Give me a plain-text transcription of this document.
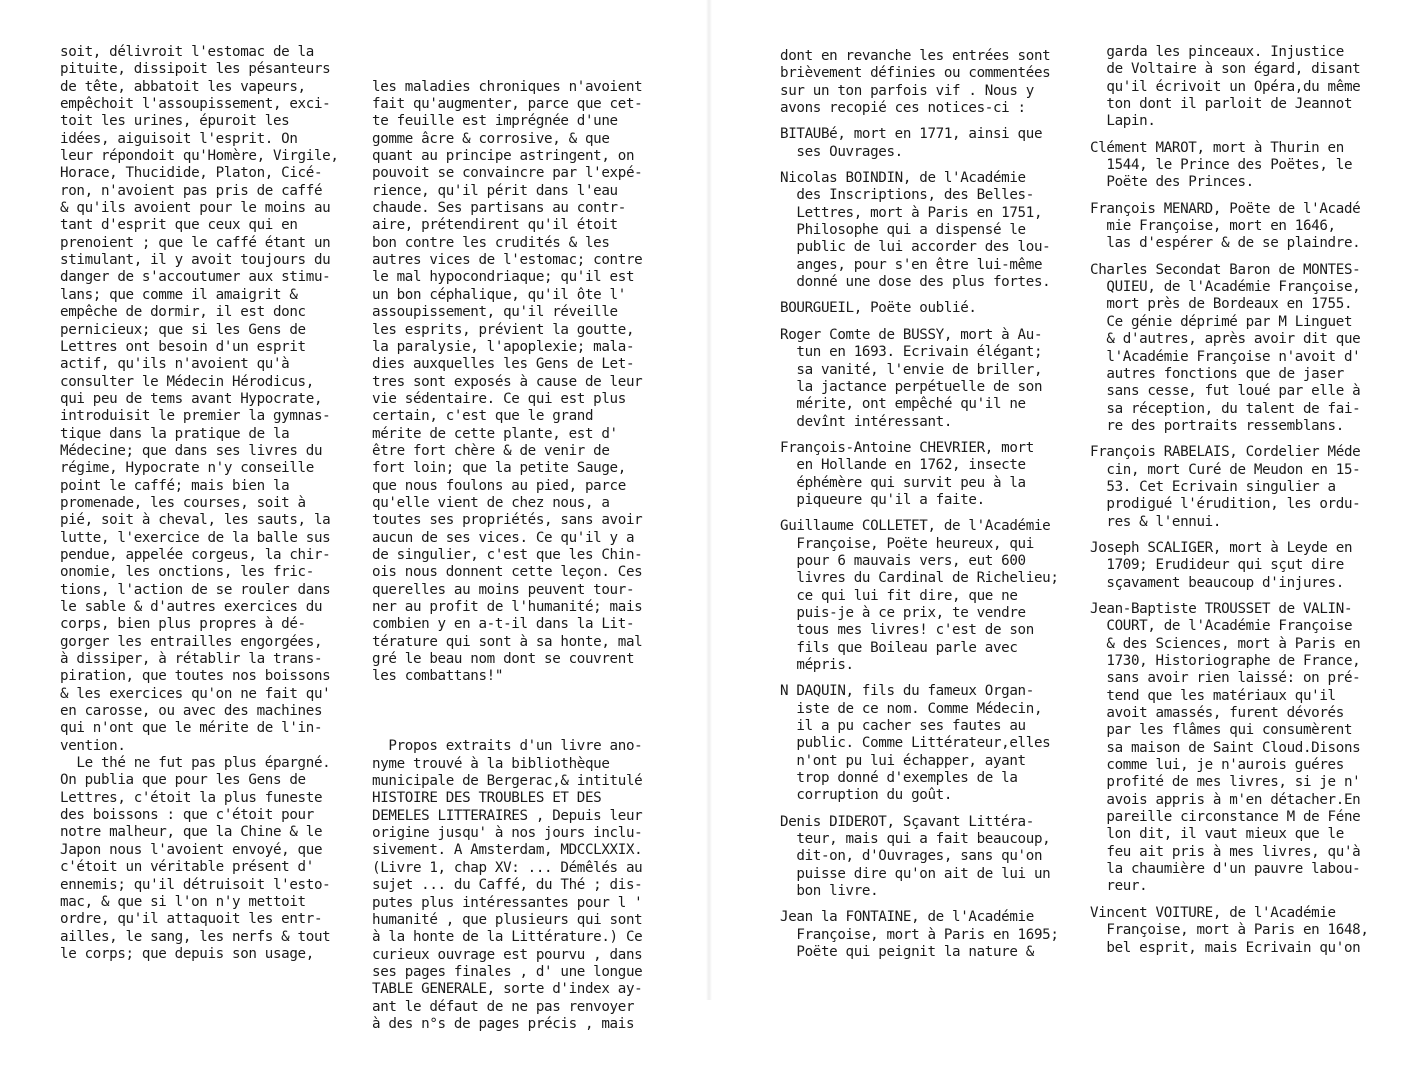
soit, délivroit l'estomac de la
pituite, dissipoit les pésanteurs
de tête, abbatoit les vapeurs,
empêchoit l'assoupissement, exci-
toit les urines, épuroit les
idées, aiguisoit l'esprit. On
leur répondoit qu'Homère, Virgile,
Horace, Thucidide, Platon, Cicé-
ron, n'avoient pas pris de caffé
& qu'ils avoient pour le moins au
tant d'esprit que ceux qui en
prenoient ; que le caffé étant un
stimulant, il y avoit toujours du
danger de s'accoutumer aux stimu-
lans; que comme il amaigrit &
empêche de dormir, il est donc
pernicieux; que si les Gens de
Lettres ont besoin d'un esprit
actif, qu'ils n'avoient qu'à
consulter le Médecin Hérodicus,
qui peu de tems avant Hypocrate,
introduisit le premier la gymnas-
tique dans la pratique de la
Médecine; que dans ses livres du
régime, Hypocrate n'y conseille
point le caffé; mais bien la
promenade, les courses, soit à
pié, soit à cheval, les sauts, la
lutte, l'exercice de la balle sus
pendue, appelée corgeus, la chir-
onomie, les onctions, les fric-
tions, l'action de se rouler dans
le sable & d'autres exercices du
corps, bien plus propres à dé-
gorger les entrailles engorgées,
à dissiper, à rétablir la trans-
piration, que toutes nos boissons
& les exercices qu'on ne fait qu'
en carosse, ou avec des machines
qui n'ont que le mérite de l'in-
vention.
Le thé ne fut pas plus épargné.
On publia que pour les Gens de
Lettres, c'étoit la plus funeste
des boissons : que c'étoit pour
notre malheur, que la Chine & le
Japon nous l'avoient envoyé, que
c'étoit un véritable présent d'
ennemis; qu'il détruisoit l'esto-
mac, & que si l'on n'y mettoit
ordre, qu'il attaquoit les entr-
ailles, le sang, les nerfs & tout
le corps; que depuis son usage,

les maladies chroniques n'avoient
fait qu'augmenter, parce que cet-
te feuille est imprégnée d'une
gomme âcre & corrosive, & que
quant au principe astringent, on
pouvoit se convaincre par l'expé-
rience, qu'il périt dans l'eau
chaude. Ses partisans au contr-
aire, prétendirent qu'il étoit
bon contre les crudités & les
autres vices de l'estomac; contre
le mal hypocondriaque; qu'il est
un bon céphalique, qu'il ôte l'
assoupissement, qu'il réveille
les esprits, prévient la goutte,
la paralysie, l'apoplexie; mala-
dies auxquelles les Gens de Let-
tres sont exposés à cause de leur
vie sédentaire. Ce qui est plus
certain, c'est que le grand
mérite de cette plante, est d'
être fort chère & de venir de
fort loin; que la petite Sauge,
que nous foulons au pied, parce
qu'elle vient de chez nous, a
toutes ses propriétés, sans avoir
aucun de ses vices. Ce qu'il y a
de singulier, c'est que les Chin-
ois nous donnent cette leçon. Ces
querelles au moins peuvent tour-
ner au profit de l'humanité; mais
combien y en a-t-il dans la Lit-
térature qui sont à sa honte, mal
gré le beau nom dont se couvrent
les combattans!"

Propos extraits d'un livre ano-
nyme trouvé à la bibliothèque
municipale de Bergerac,& intitulé
HISTOIRE DES TROUBLES ET DES
DEMELES LITTERAIRES , Depuis leur
origine jusqu' à nos jours inclu-
sivement. A Amsterdam, MDCCLXXIX.
(Livre 1, chap XV: ... Démêlés au
sujet ... du Caffé, du Thé ; dis-
putes plus intéressantes pour l '
humanité , que plusieurs qui sont
à la honte de la Littérature.) Ce
curieux ouvrage est pourvu , dans
ses pages finales , d' une longue
TABLE GENERALE, sorte d'index ay-
ant le défaut de ne pas renvoyer
à des n°s de pages précis , mais

dont en revanche les entrées sont
brièvement définies ou commentées
sur un ton parfois vif . Nous y
avons recopié ces notices-ci :
BITAUBé, mort en 1771, ainsi que
ses Ouvrages.
Nicolas BOINDIN, de l'Académie
des Inscriptions, des Belles-
Lettres, mort à Paris en 1751,
Philosophe qui a dispensé le
public de lui accorder des lou-
anges, pour s'en être lui-même
donné une dose des plus fortes.
BOURGUEIL, Poëte oublié.
Roger Comte de BUSSY, mort à Au-
tun en 1693. Ecrivain élégant;
sa vanité, l'envie de briller,
la jactance perpétuelle de son
mérite, ont empêché qu'il ne
devînt intéressant.
François-Antoine CHEVRIER, mort
en Hollande en 1762, insecte
éphémère qui survit peu à la
piqueure qu'il a faite.
Guillaume COLLETET, de l'Académie
Françoise, Poëte heureux, qui
pour 6 mauvais vers, eut 600
livres du Cardinal de Richelieu;
ce qui lui fit dire, que ne
puis-je à ce prix, te vendre
tous mes livres! c'est de son
fils que Boileau parle avec
mépris.
N DAQUIN, fils du fameux Organ-
iste de ce nom. Comme Médecin,
il a pu cacher ses fautes au
public. Comme Littérateur,elles
n'ont pu lui échapper, ayant
trop donné d'exemples de la
corruption du goût.
Denis DIDEROT, Sçavant Littéra-
teur, mais qui a fait beaucoup,
dit-on, d'Ouvrages, sans qu'on
puisse dire qu'on ait de lui un
bon livre.
Jean la FONTAINE, de l'Académie
Françoise, mort à Paris en 1695;
Poëte qui peignit la nature &
garda les pinceaux. Injustice
de Voltaire à son égard, disant
qu'il écrivoit un Opéra,du même
ton dont il parloit de Jeannot
Lapin.
Clément MAROT, mort à Thurin en
1544, le Prince des Poëtes, le
Poëte des Princes.
François MENARD, Poëte de l'Acadé
mie Françoise, mort en 1646,
las d'espérer & de se plaindre.
Charles Secondat Baron de MONTES-
QUIEU, de l'Académie Françoise,
mort près de Bordeaux en 1755.
Ce génie déprimé par M Linguet
& d'autres, après avoir dit que
l'Académie Françoise n'avoit d'
autres fonctions que de jaser
sans cesse, fut loué par elle à
sa réception, du talent de fai-
re des portraits ressemblans.
François RABELAIS, Cordelier Méde
cin, mort Curé de Meudon en 15-
53. Cet Ecrivain singulier a
prodigué l'érudition, les ordu-
res & l'ennui.
Joseph SCALIGER, mort à Leyde en
1709; Erudideur qui sçut dire
sçavament beaucoup d'injures.
Jean-Baptiste TROUSSET de VALIN-
COURT, de l'Académie Françoise
& des Sciences, mort à Paris en
1730, Historiographe de France,
sans avoir rien laissé: on pré-
tend que les matériaux qu'il
avoit amassés, furent dévorés
par les flâmes qui consumèrent
sa maison de Saint Cloud.Disons
comme lui, je n'aurois guéres
profité de mes livres, si je n'
avois appris à m'en détacher.En
pareille circonstance M de Féne
lon dit, il vaut mieux que le
feu ait pris à mes livres, qu'à
la chaumière d'un pauvre labou-
reur.
Vincent VOITURE, de l'Académie
Françoise, mort à Paris en 1648,
bel esprit, mais Ecrivain qu'on
